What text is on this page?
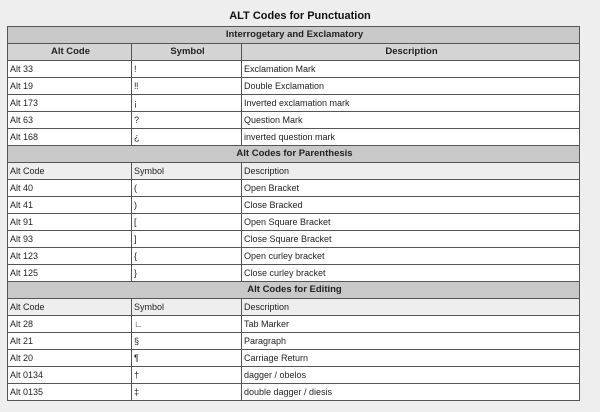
ALT Codes for Punctuation
Interrogetary and Exclamatory		
Alt Code	Symbol	Description
Alt 33	!	Exclamation Mark
Alt 19	‼	Double Exclamation
Alt 173	¡	Inverted exclamation mark
Alt 63	?	Question Mark
Alt 168	¿	inverted question mark
Alt Codes for Parenthesis		
Alt Code	Symbol	Description
Alt 40	(	Open Bracket
Alt 41	)	Close Bracked
Alt 91	[	Open Square Bracket
Alt 93	]	Close Square Bracket
Alt 123	{	Open curley bracket
Alt 125	}	Close curley bracket
Alt Codes for Editing		
Alt Code	Symbol	Description
Alt 28	∟	Tab Marker
Alt 21	§	Paragraph
Alt 20	¶	Carriage Return
Alt 0134	†	dagger / obelos
Alt 0135	‡	double dagger / diesis
